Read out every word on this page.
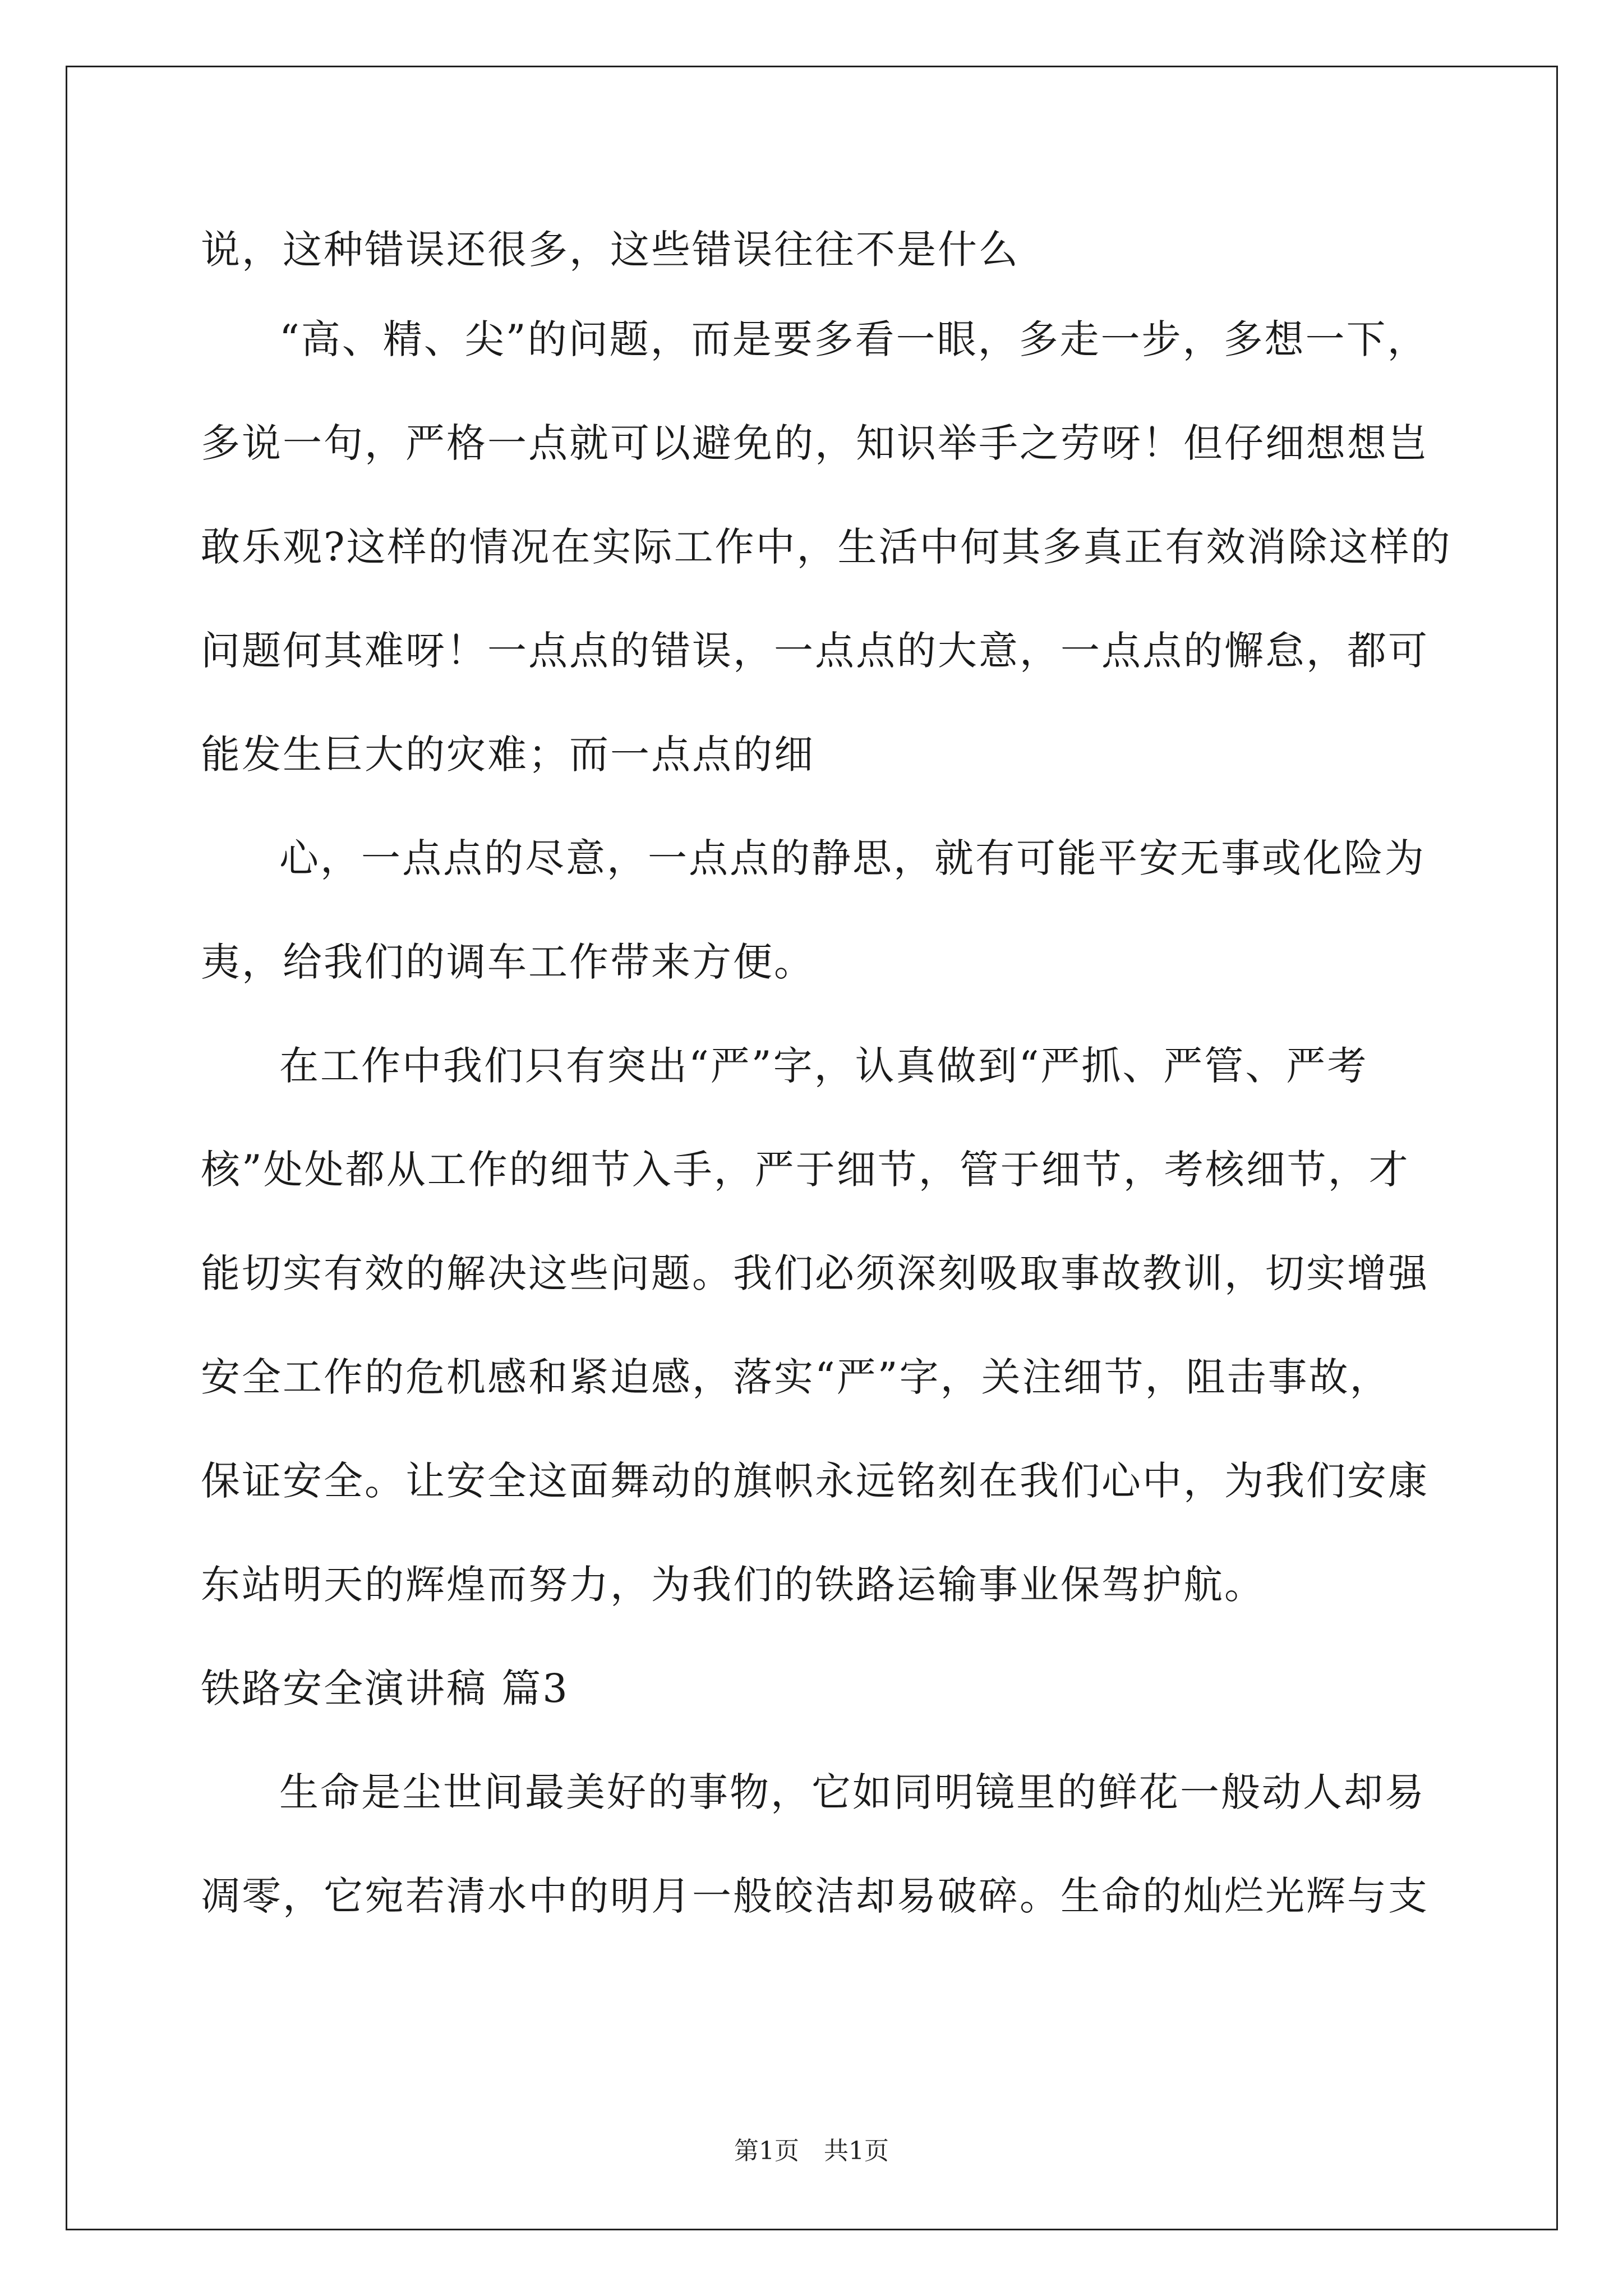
说，这种错误还很多，这些错误往往不是什么
“高、精、尖”的问题，而是要多看一眼，多走一步，多想一下，
多说一句，严格一点就可以避免的，知识举手之劳呀！但仔细想想岂
敢乐观?这样的情况在实际工作中，生活中何其多真正有效消除这样的
问题何其难呀！一点点的错误，一点点的大意，一点点的懈怠，都可
能发生巨大的灾难；而一点点的细
心，一点点的尽意，一点点的静思，就有可能平安无事或化险为
夷，给我们的调车工作带来方便。
在工作中我们只有突出“严”字，认真做到“严抓、严管、严考
核”处处都从工作的细节入手，严于细节，管于细节，考核细节，才
能切实有效的解决这些问题。我们必须深刻吸取事故教训，切实增强
安全工作的危机感和紧迫感，落实“严”字，关注细节，阻击事故，
保证安全。让安全这面舞动的旗帜永远铭刻在我们心中，为我们安康
东站明天的辉煌而努力，为我们的铁路运输事业保驾护航。
铁路安全演讲稿 篇3
生命是尘世间最美好的事物，它如同明镜里的鲜花一般动人却易
凋零，它宛若清水中的明月一般皎洁却易破碎。生命的灿烂光辉与支
第1页　共1页
